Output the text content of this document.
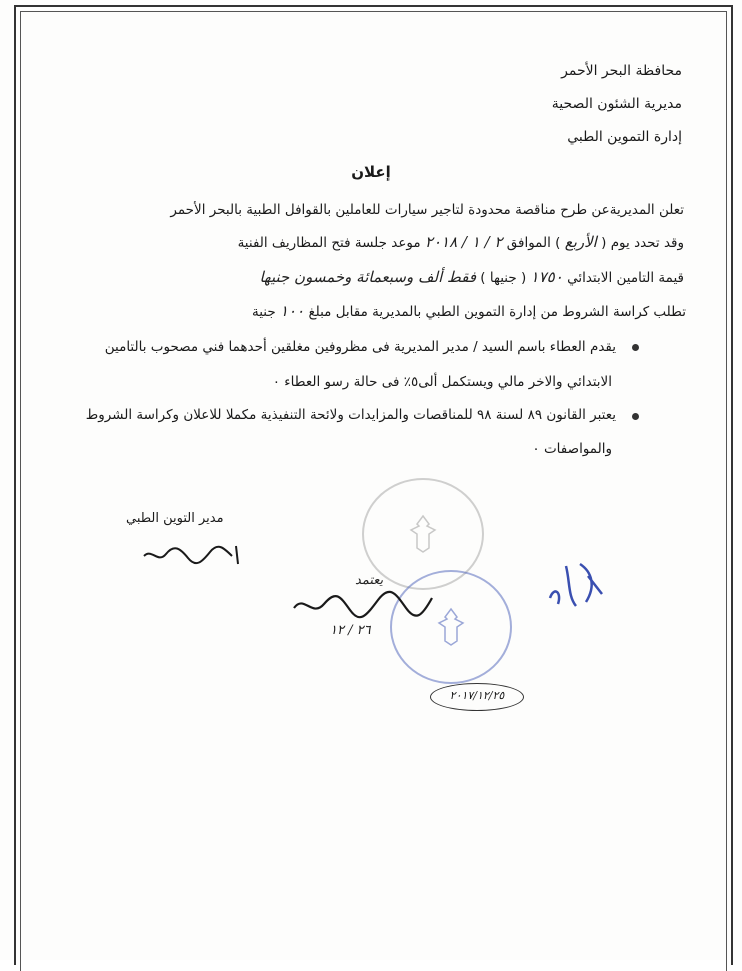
محافظة البحر الأحمر
مديرية الشئون الصحية
إدارة التموين الطبي
إعلان
تعلن المديريةعن طرح مناقصة محدودة لتاجير سيارات للعاملين بالقوافل الطبية بالبحر الأحمر
وقد تحدد يوم ( الأربع ) الموافق ٢ / ١ / ٢٠١٨ موعد جلسة فتح المظاريف الفنية
قيمة التامين الابتدائي ١٧٥٠ ( جنيها ) فقط ألف وسبعمائة وخمسون جنيها
تطلب كراسة الشروط من إدارة التموين الطبي بالمديرية مقابل مبلغ ١٠٠ جنية
يقدم العطاء باسم السيد / مدير المديرية فى مظروفين مغلقين أحدهما فني مصحوب بالتامين
الابتدائي والاخر مالي ويستكمل ألى٥٪ فى حالة رسو العطاء ٠
يعتبر القانون ٨٩ لسنة ٩٨ للمناقصات والمزايدات ولائحة التنفيذية مكملا للاعلان وكراسة الشروط
والمواصفات ٠
مدير التوين الطبي
يعتمد
٢٦ / ١٢
٢٠١٧/١٢/٢٥
